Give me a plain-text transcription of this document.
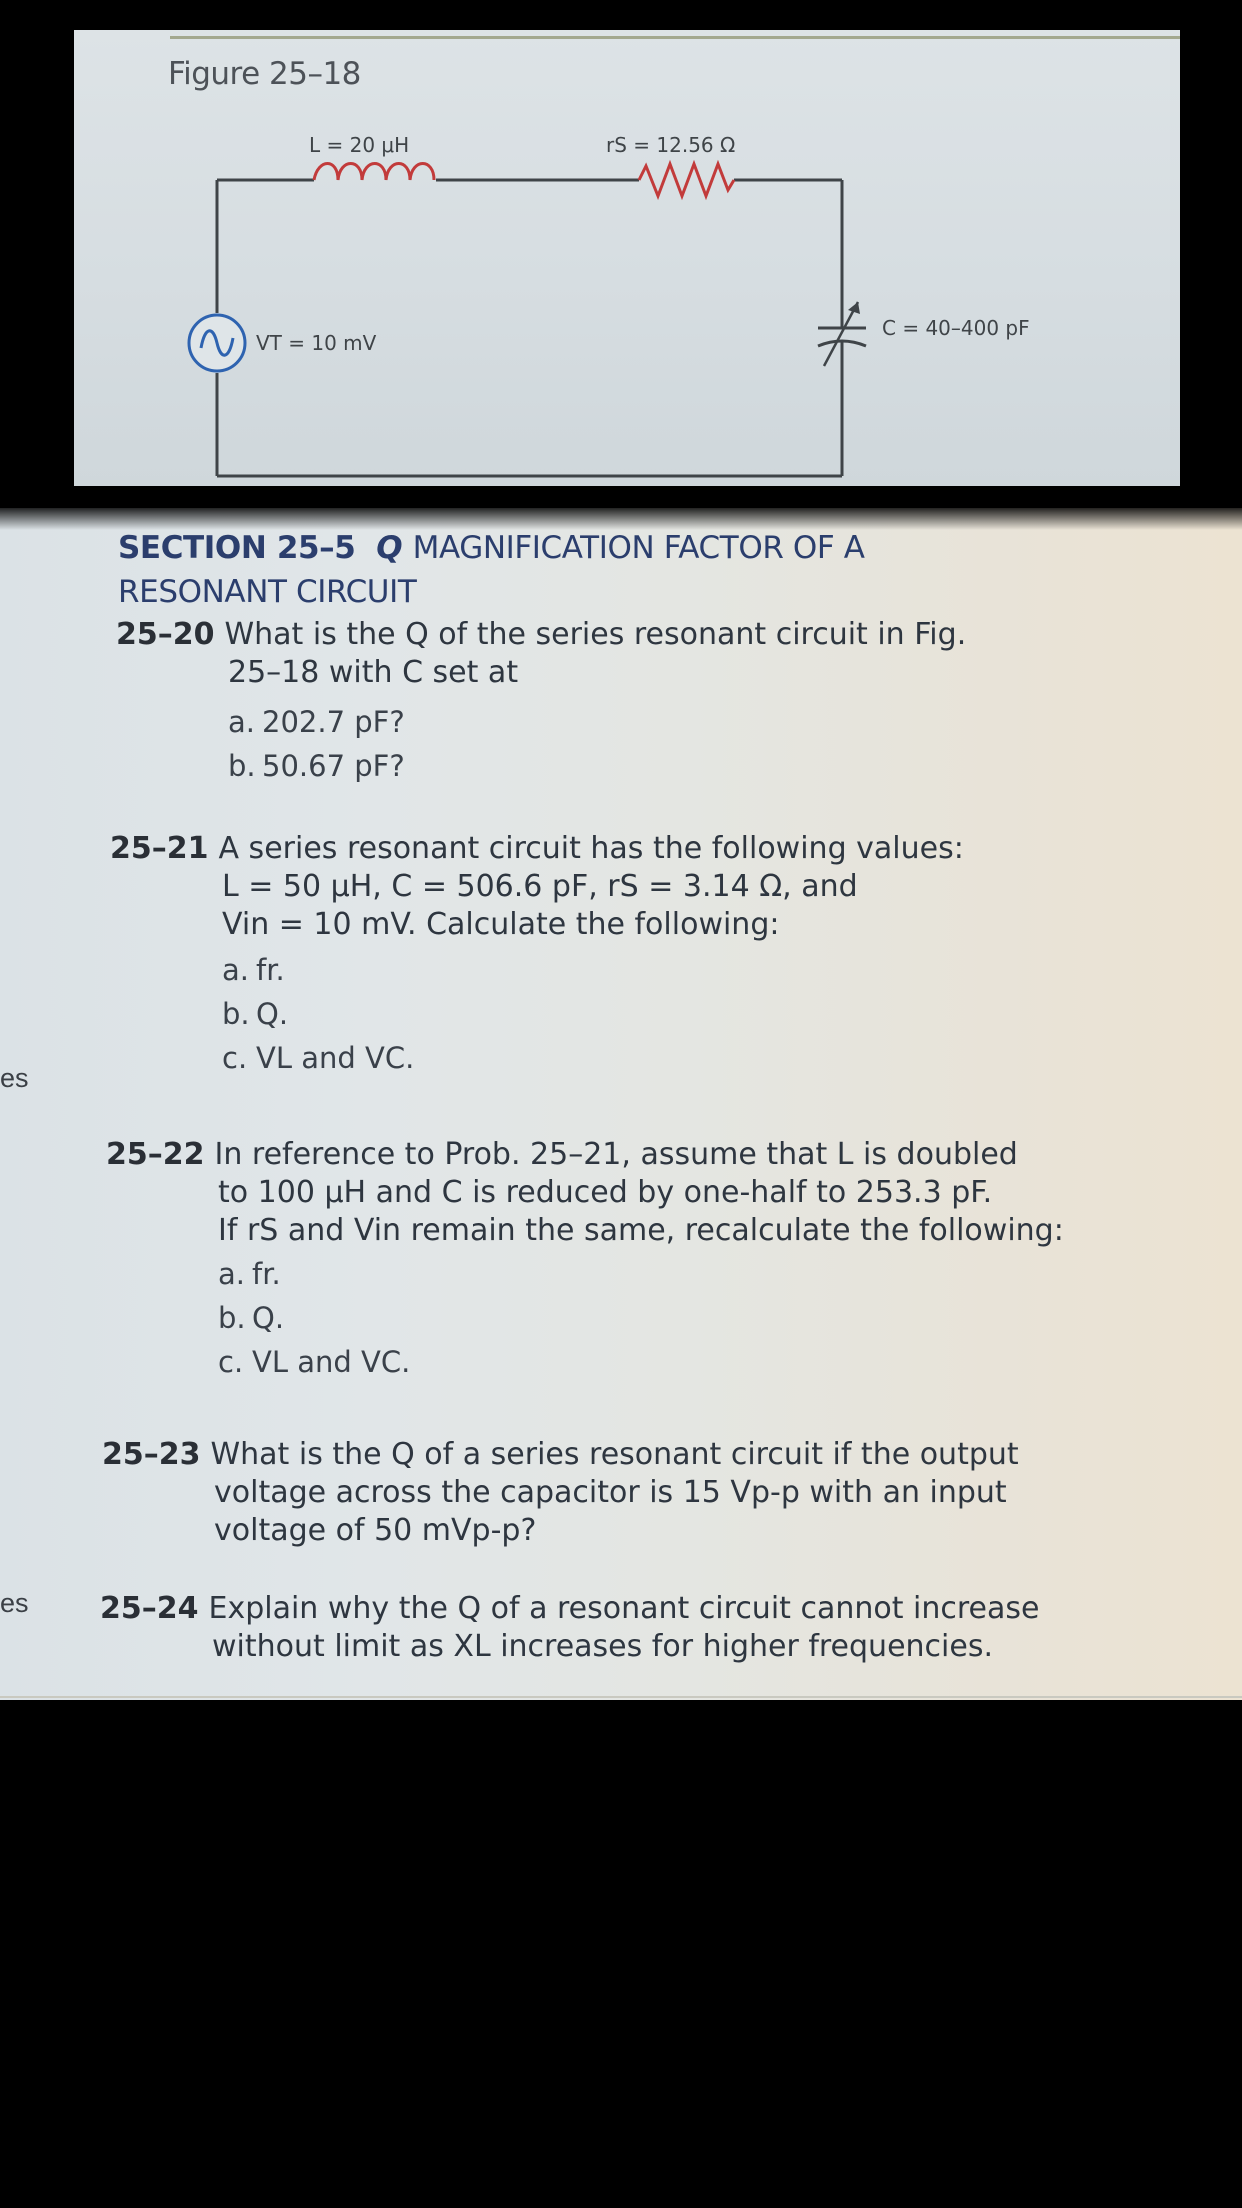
Figure 25–18
L = 20 μH	rS = 12.56 Ω
VT = 10 mV
C = 40–400 pF
es
es
SECTION 25–5 Q MAGNIFICATION FACTOR OF A
RESONANT CIRCUIT
25–20 What is the Q of the series resonant circuit in Fig.
25–18 with C set at
a. 202.7 pF?
b. 50.67 pF?
25–21 A series resonant circuit has the following values:
L = 50 μH, C = 506.6 pF, rS = 3.14 Ω, and
Vin = 10 mV. Calculate the following:
a. fr.
b. Q.
c. VL and VC.
25–22 In reference to Prob. 25–21, assume that L is doubled
to 100 μH and C is reduced by one-half to 253.3 pF.
If rS and Vin remain the same, recalculate the following:
a. fr.
b. Q.
c. VL and VC.
25–23 What is the Q of a series resonant circuit if the output
voltage across the capacitor is 15 Vp-p with an input
voltage of 50 mVp-p?
25–24 Explain why the Q of a resonant circuit cannot increase
without limit as XL increases for higher frequencies.
